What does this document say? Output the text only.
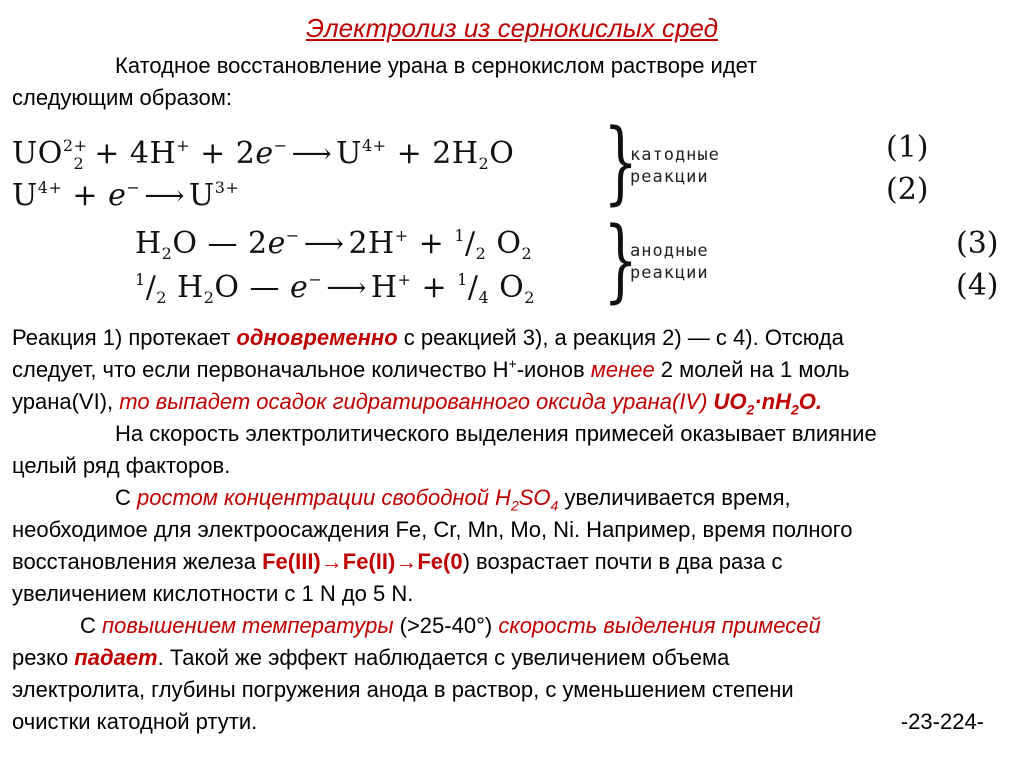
Электролиз из сернокислых сред
Катодное восстановление урана в сернокислом растворе идет
следующим образом:
$UO^{2+}_2 + 4H^+ + 2e^-$ ⟶ $U^{4+} + 2H_2O$
$U^{4+} + e^-$ ⟶ $U^{3+}$
$H_2O$ — 2e− ⟶ $2H^+ + ^1/_2$ $O_2$
$^1/_2$ $H_2O$ — e− ⟶ $H^+ + ^1/_4$ $O_2$
}
}
катодные
реакции
анодные
реакции
(1)
(2)
(3)
(4)

Реакция 1) протекает одновременно с реакцией 3), а реакция 2) — с 4). Отсюда
следует, что если первоначальное количество H+-ионов менее 2 молей на 1 моль
урана(VI), то выпадет осадок гидратированного оксида урана(IV) $UO_2\cdot nH_2O$.

На скорость электролитического выделения примесей оказывает влияние
целый ряд факторов.

С ростом концентрации свободной $H_2SO_4$ увеличивается время,
необходимое для электроосаждения Fe, Cr, Mn, Mo, Ni. Например, время полного
восстановления железа Fe(III)→Fe(II)→Fe(0) возрастает почти в два раза с
увеличением кислотности с 1 N до 5 N.

С повышением температуры (>25-40°) скорость выделения примесей
резко падает. Такой же эффект наблюдается с увеличением объема
электролита, глубины погружения анода в раствор, с уменьшением степени
очистки катодной ртути.	-23-224-
